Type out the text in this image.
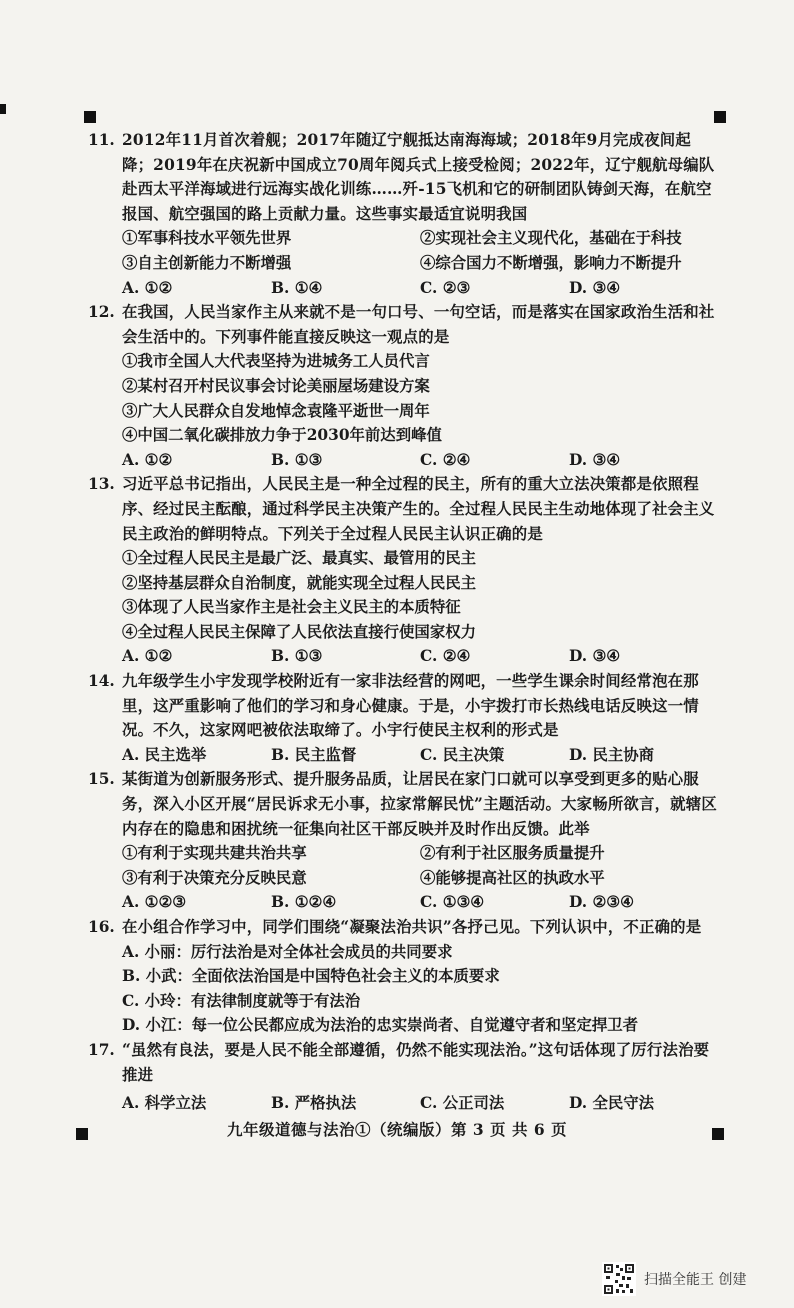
11. 2012年11月首次着舰；2017年随辽宁舰抵达南海海域；2018年9月完成夜间起降；2019年在庆祝新中国成立70周年阅兵式上接受检阅；2022年，辽宁舰航母编队赴西太平洋海域进行远海实战化训练……歼-15飞机和它的研制团队铸剑天海，在航空报国、航空强国的路上贡献力量。这些事实最适宜说明我国
①军事科技水平领先世界	②实现社会主义现代化，基础在于科技
③自主创新能力不断增强	④综合国力不断增强，影响力不断提升
A. ①②	B. ①④	C. ②③	D. ③④
12. 在我国，人民当家作主从来就不是一句口号、一句空话，而是落实在国家政治生活和社会生活中的。下列事件能直接反映这一观点的是
①我市全国人大代表坚持为进城务工人员代言
②某村召开村民议事会讨论美丽屋场建设方案
③广大人民群众自发地悼念袁隆平逝世一周年
④中国二氧化碳排放力争于2030年前达到峰值
A. ①②	B. ①③	C. ②④	D. ③④
13. 习近平总书记指出，人民民主是一种全过程的民主，所有的重大立法决策都是依照程序、经过民主酝酿，通过科学民主决策产生的。全过程人民民主生动地体现了社会主义民主政治的鲜明特点。下列关于全过程人民民主认识正确的是
①全过程人民民主是最广泛、最真实、最管用的民主
②坚持基层群众自治制度，就能实现全过程人民民主
③体现了人民当家作主是社会主义民主的本质特征
④全过程人民民主保障了人民依法直接行使国家权力
A. ①②	B. ①③	C. ②④	D. ③④
14. 九年级学生小宇发现学校附近有一家非法经营的网吧，一些学生课余时间经常泡在那里，这严重影响了他们的学习和身心健康。于是，小宇拨打市长热线电话反映这一情况。不久，这家网吧被依法取缔了。小宇行使民主权利的形式是
A. 民主选举	B. 民主监督	C. 民主决策	D. 民主协商
15. 某街道为创新服务形式、提升服务品质，让居民在家门口就可以享受到更多的贴心服务，深入小区开展“居民诉求无小事，拉家常解民忧”主题活动。大家畅所欲言，就辖区内存在的隐患和困扰统一征集向社区干部反映并及时作出反馈。此举
①有利于实现共建共治共享	②有利于社区服务质量提升
③有利于决策充分反映民意	④能够提高社区的执政水平
A. ①②③	B. ①②④	C. ①③④	D. ②③④
16. 在小组合作学习中，同学们围绕“凝聚法治共识”各抒己见。下列认识中，不正确的是
A. 小丽：厉行法治是对全体社会成员的共同要求
B. 小武：全面依法治国是中国特色社会主义的本质要求
C. 小玲：有法律制度就等于有法治
D. 小江：每一位公民都应成为法治的忠实崇尚者、自觉遵守者和坚定捍卫者
17. “虽然有良法，要是人民不能全部遵循，仍然不能实现法治。”这句话体现了厉行法治要推进
A. 科学立法	B. 严格执法	C. 公正司法	D. 全民守法
九年级道德与法治①（统编版）第 3 页 共 6 页
扫描全能王 创建
